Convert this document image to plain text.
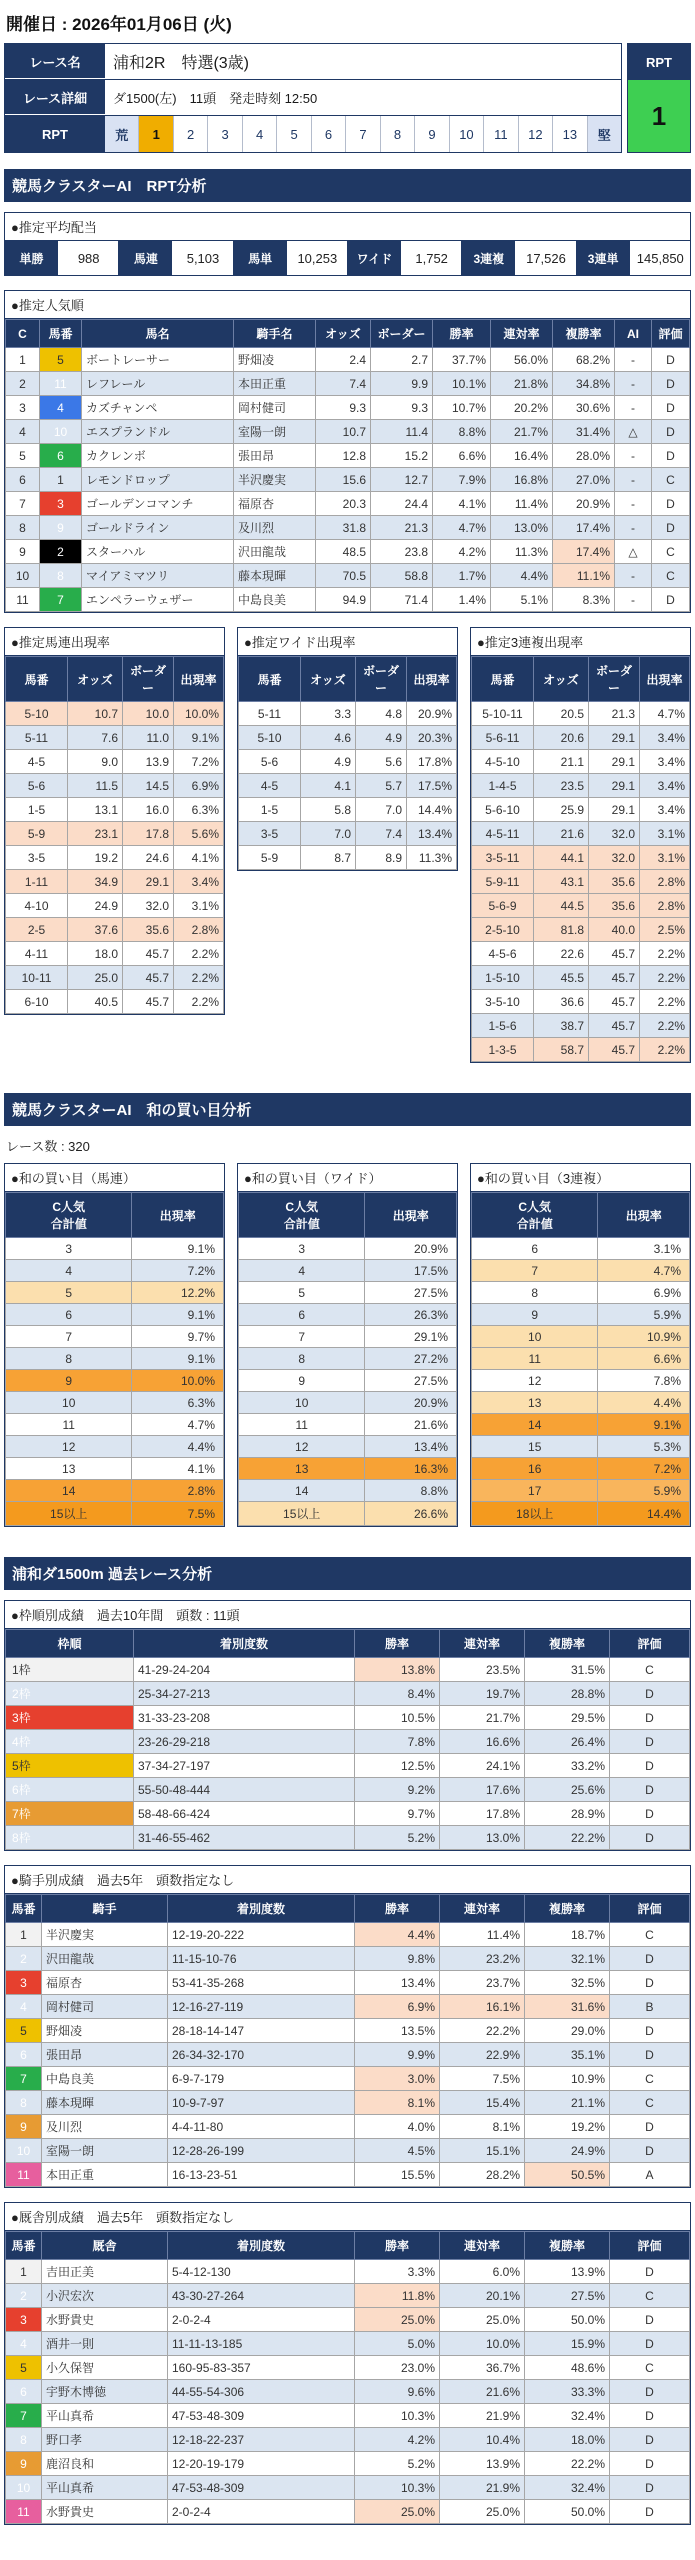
開催日 : 2026年01月06日 (火)
レース名	浦和2R　特選(3歳)
レース詳細	ダ1500(左)　11頭　発走時刻 12:50
RPT	荒	1	2	3	4	5	6	7	8	9	10	11	12	13	堅
RPT
1
競馬クラスターAI　RPT分析
●推定平均配当
単勝	988	馬連	5,103	馬単	10,253	ワイド	1,752	3連複	17,526	3連単	145,850
●推定人気順
C	馬番	馬名	騎手名	オッズ	ボーダー	勝率	連対率	複勝率	AI	評価
1	5	ボートレーサー	野畑凌	2.4	2.7	37.7%	56.0%	68.2%	-	D
2	11	レフレール	本田正重	7.4	9.9	10.1%	21.8%	34.8%	-	D
3	4	カズチャンペ	岡村健司	9.3	9.3	10.7%	20.2%	30.6%	-	D
4	10	エスプランドル	室陽一朗	10.7	11.4	8.8%	21.7%	31.4%	△	D
5	6	カクレンボ	張田昂	12.8	15.2	6.6%	16.4%	28.0%	-	D
6	1	レモンドロップ	半沢慶実	15.6	12.7	7.9%	16.8%	27.0%	-	C
7	3	ゴールデンコマンチ	福原杏	20.3	24.4	4.1%	11.4%	20.9%	-	D
8	9	ゴールドライン	及川烈	31.8	21.3	4.7%	13.0%	17.4%	-	D
9	2	スターハル	沢田龍哉	48.5	23.8	4.2%	11.3%	17.4%	△	C
10	8	マイアミマツリ	藤本現暉	70.5	58.8	1.7%	4.4%	11.1%	-	C
11	7	エンペラーウェザー	中島良美	94.9	71.4	1.4%	5.1%	8.3%	-	D
●推定馬連出現率
馬番	オッズ	ボーダー	出現率
5-10	10.7	10.0	10.0%
5-11	7.6	11.0	9.1%
4-5	9.0	13.9	7.2%
5-6	11.5	14.5	6.9%
1-5	13.1	16.0	6.3%
5-9	23.1	17.8	5.6%
3-5	19.2	24.6	4.1%
1-11	34.9	29.1	3.4%
4-10	24.9	32.0	3.1%
2-5	37.6	35.6	2.8%
4-11	18.0	45.7	2.2%
10-11	25.0	45.7	2.2%
6-10	40.5	45.7	2.2%
●推定ワイド出現率
馬番	オッズ	ボーダー	出現率
5-11	3.3	4.8	20.9%
5-10	4.6	4.9	20.3%
5-6	4.9	5.6	17.8%
4-5	4.1	5.7	17.5%
1-5	5.8	7.0	14.4%
3-5	7.0	7.4	13.4%
5-9	8.7	8.9	11.3%
●推定3連複出現率
馬番	オッズ	ボーダー	出現率
5-10-11	20.5	21.3	4.7%
5-6-11	20.6	29.1	3.4%
4-5-10	21.1	29.1	3.4%
1-4-5	23.5	29.1	3.4%
5-6-10	25.9	29.1	3.4%
4-5-11	21.6	32.0	3.1%
3-5-11	44.1	32.0	3.1%
5-9-11	43.1	35.6	2.8%
5-6-9	44.5	35.6	2.8%
2-5-10	81.8	40.0	2.5%
4-5-6	22.6	45.7	2.2%
1-5-10	45.5	45.7	2.2%
3-5-10	36.6	45.7	2.2%
1-5-6	38.7	45.7	2.2%
1-3-5	58.7	45.7	2.2%
競馬クラスターAI　和の買い目分析
レース数 : 320
●和の買い目（馬連）
C人気
合計値	出現率
3	9.1%
4	7.2%
5	12.2%
6	9.1%
7	9.7%
8	9.1%
9	10.0%
10	6.3%
11	4.7%
12	4.4%
13	4.1%
14	2.8%
15以上	7.5%
●和の買い目（ワイド）
C人気
合計値	出現率
3	20.9%
4	17.5%
5	27.5%
6	26.3%
7	29.1%
8	27.2%
9	27.5%
10	20.9%
11	21.6%
12	13.4%
13	16.3%
14	8.8%
15以上	26.6%
●和の買い目（3連複）
C人気
合計値	出現率
6	3.1%
7	4.7%
8	6.9%
9	5.9%
10	10.9%
11	6.6%
12	7.8%
13	4.4%
14	9.1%
15	5.3%
16	7.2%
17	5.9%
18以上	14.4%
浦和ダ1500m 過去レース分析
●枠順別成績　過去10年間　頭数 : 11頭
枠順	着別度数	勝率	連対率	複勝率	評価
1枠	41-29-24-204	13.8%	23.5%	31.5%	C
2枠	25-34-27-213	8.4%	19.7%	28.8%	D
3枠	31-33-23-208	10.5%	21.7%	29.5%	D
4枠	23-26-29-218	7.8%	16.6%	26.4%	D
5枠	37-34-27-197	12.5%	24.1%	33.2%	D
6枠	55-50-48-444	9.2%	17.6%	25.6%	D
7枠	58-48-66-424	9.7%	17.8%	28.9%	D
8枠	31-46-55-462	5.2%	13.0%	22.2%	D
●騎手別成績　過去5年　頭数指定なし
馬番	騎手	着別度数	勝率	連対率	複勝率	評価
1	半沢慶実	12-19-20-222	4.4%	11.4%	18.7%	C
2	沢田龍哉	11-15-10-76	9.8%	23.2%	32.1%	D
3	福原杏	53-41-35-268	13.4%	23.7%	32.5%	D
4	岡村健司	12-16-27-119	6.9%	16.1%	31.6%	B
5	野畑凌	28-18-14-147	13.5%	22.2%	29.0%	D
6	張田昂	26-34-32-170	9.9%	22.9%	35.1%	D
7	中島良美	6-9-7-179	3.0%	7.5%	10.9%	C
8	藤本現暉	10-9-7-97	8.1%	15.4%	21.1%	C
9	及川烈	4-4-11-80	4.0%	8.1%	19.2%	D
10	室陽一朗	12-28-26-199	4.5%	15.1%	24.9%	D
11	本田正重	16-13-23-51	15.5%	28.2%	50.5%	A
●厩舎別成績　過去5年　頭数指定なし
馬番	厩舎	着別度数	勝率	連対率	複勝率	評価
1	吉田正美	5-4-12-130	3.3%	6.0%	13.9%	D
2	小沢宏次	43-30-27-264	11.8%	20.1%	27.5%	C
3	水野貴史	2-0-2-4	25.0%	25.0%	50.0%	D
4	酒井一則	11-11-13-185	5.0%	10.0%	15.9%	D
5	小久保智	160-95-83-357	23.0%	36.7%	48.6%	C
6	宇野木博徳	44-55-54-306	9.6%	21.6%	33.3%	D
7	平山真希	47-53-48-309	10.3%	21.9%	32.4%	D
8	野口孝	12-18-22-237	4.2%	10.4%	18.0%	D
9	鹿沼良和	12-20-19-179	5.2%	13.9%	22.2%	D
10	平山真希	47-53-48-309	10.3%	21.9%	32.4%	D
11	水野貴史	2-0-2-4	25.0%	25.0%	50.0%	D
